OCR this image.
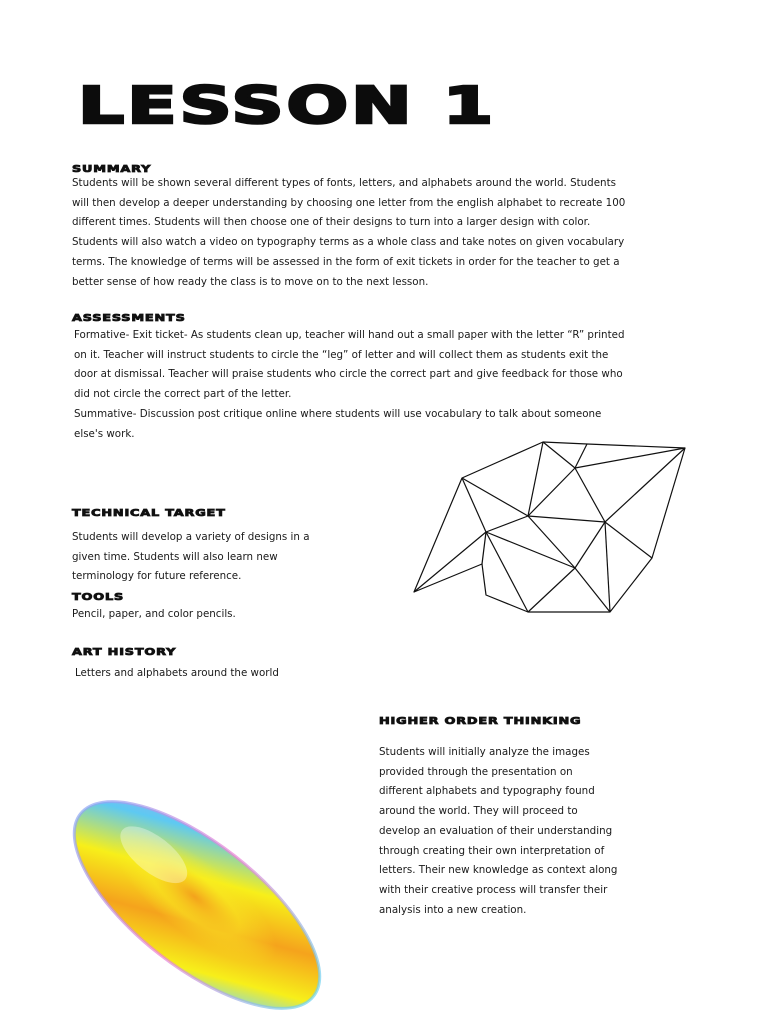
LESSON 1
SUMMARY
Students will be shown several different types of fonts, letters, and alphabets around the world. Students
will then develop a deeper understanding by choosing one letter from the english alphabet to recreate 100
different times. Students will then choose one of their designs to turn into a larger design with color.
Students will also watch a video on typography terms as a whole class and take notes on given vocabulary
terms. The knowledge of terms will be assessed in the form of exit tickets in order for the teacher to get a
better sense of how ready the class is to move on to the next lesson.
ASSESSMENTS
Formative- Exit ticket- As students clean up, teacher will hand out a small paper with the letter “R” printed
on it. Teacher will instruct students to circle the “leg” of letter and will collect them as students exit the
door at dismissal. Teacher will praise students who circle the correct part and give feedback for those who
did not circle the correct part of the letter.
Summative- Discussion post critique online where students will use vocabulary to talk about someone
else's work.
TECHNICAL TARGET
Students will develop a variety of designs in a
given time. Students will also learn new
terminology for future reference.
TOOLS
Pencil, paper, and color pencils.
ART HISTORY
Letters and alphabets around the world
HIGHER ORDER THINKING
Students will initially analyze the images
provided through the presentation on
different alphabets and typography found
around the world. They will proceed to
develop an evaluation of their understanding
through creating their own interpretation of
letters. Their new knowledge as context along
with their creative process will transfer their
analysis into a new creation.
